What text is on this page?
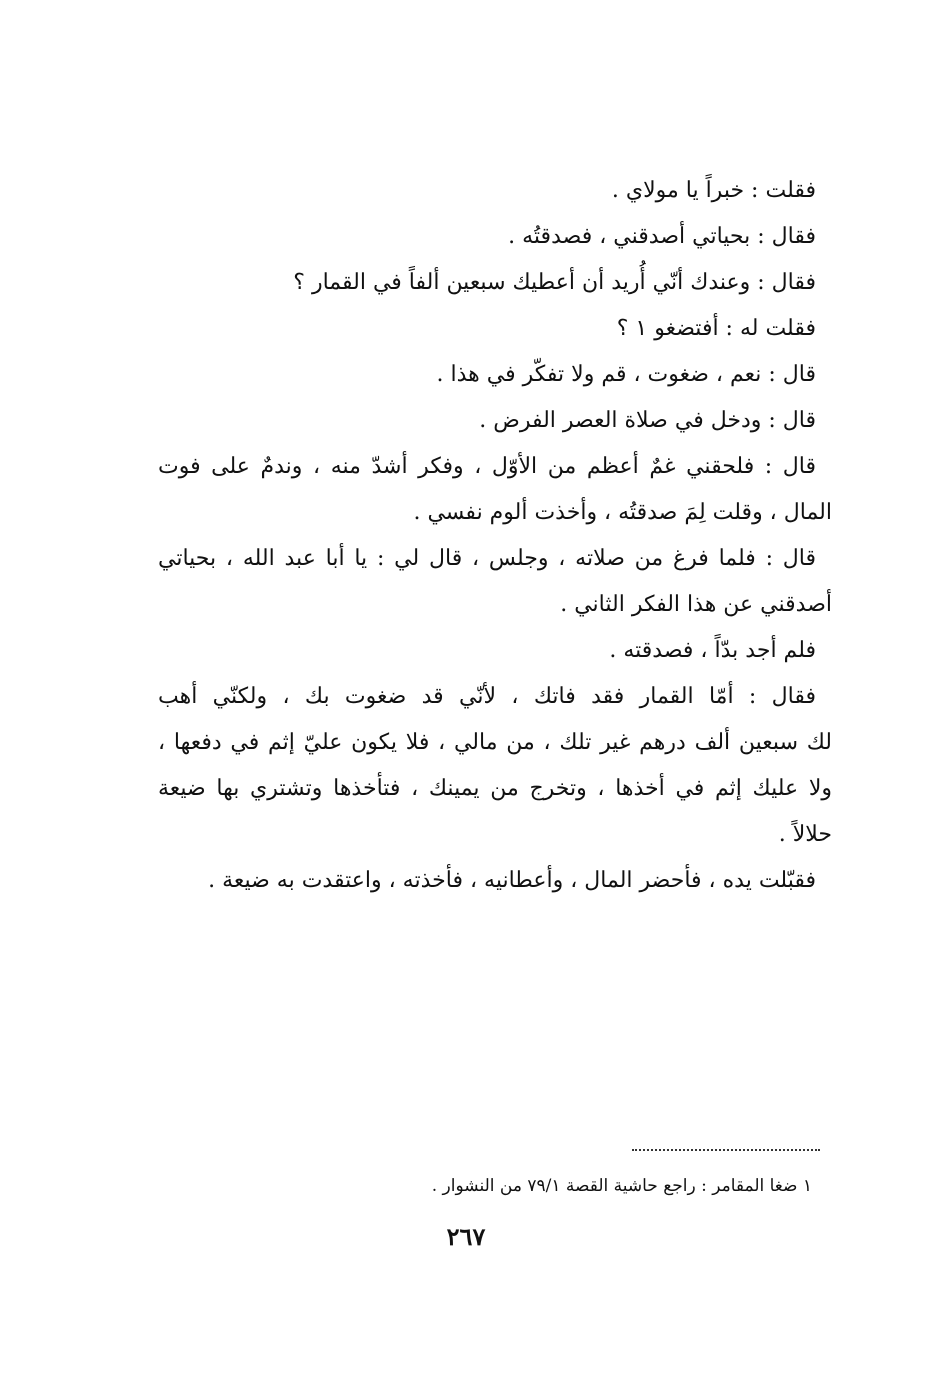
فقلت : خبراً يا مولاي .
فقال : بحياتي أصدقني ، فصدقتُه .
فقال : وعندك أنّي أُريد أن أعطيك سبعين ألفاً في القمار ؟
فقلت له : أفتضغو ١ ؟
قال : نعم ، ضغوت ، قم ولا تفكّر في هذا .
قال : ودخل في صلاة العصر الفرض .
قال : فلحقني غمٌ أعظم من الأوّل ، وفكر أشدّ منه ، وندمٌ على فوت
المال ، وقلت لِمَ صدقتُه ، وأخذت ألوم نفسي .
قال : فلما فرغ من صلاته ، وجلس ، قال لي : يا أبا عبد الله ، بحياتي
أصدقني عن هذا الفكر الثاني .
فلم أجد بدّاً ، فصدقته .
فقال : أمّا القمار فقد فاتك ، لأنّي قد ضغوت بك ، ولكنّي أهب
لك سبعين ألف درهم غير تلك ، من مالي ، فلا يكون عليّ إثم في دفعها ،
ولا عليك إثم في أخذها ، وتخرج من يمينك ، فتأخذها وتشتري بها ضيعة
حلالاً .
فقبّلت يده ، فأحضر المال ، وأعطانيه ، فأخذته ، واعتقدت به ضيعة .
١ ضغا المقامر : راجع حاشية القصة ٧٩/١ من النشوار .
٢٦٧
